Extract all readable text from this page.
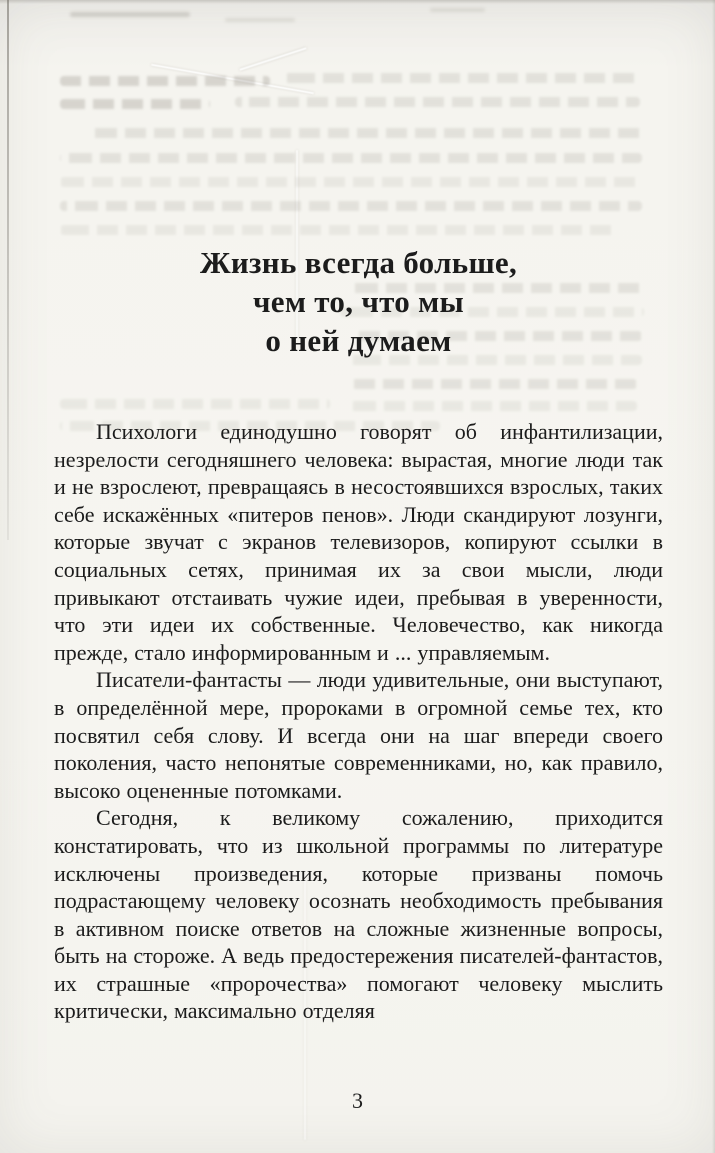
Жизнь всегда больше,
чем то, что мы
о ней думаем

Психологи единодушно говорят об инфантилизации, незрелости сегодняшнего человека: вырастая, многие люди так и не взрослеют, превращаясь в несостоявшихся взрослых, таких себе искажённых «питеров пенов». Люди скандируют лозунги, которые звучат с экранов телевизоров, копируют ссылки в социальных сетях, принимая их за свои мысли, люди привыкают отстаивать чужие идеи, пребывая в уверенности, что эти идеи их собственные. Человечество, как никогда прежде, стало информированным и ... управляемым.

Писатели-фантасты — люди удивительные, они выступают, в определённой мере, пророками в огромной семье тех, кто посвятил себя слову. И всегда они на шаг впереди своего поколения, часто непонятые современниками, но, как правило, высоко оцененные потомками.

Сегодня, к великому сожалению, приходится констатировать, что из школьной программы по литературе исключены произведения, которые призваны помочь подрастающему человеку осознать необходимость пребывания в активном поиске ответов на сложные жизненные вопросы, быть на стороже. А ведь предостережения писателей-фантастов, их страшные «пророчества» помогают человеку мыслить критически, максимально отделяя

3
